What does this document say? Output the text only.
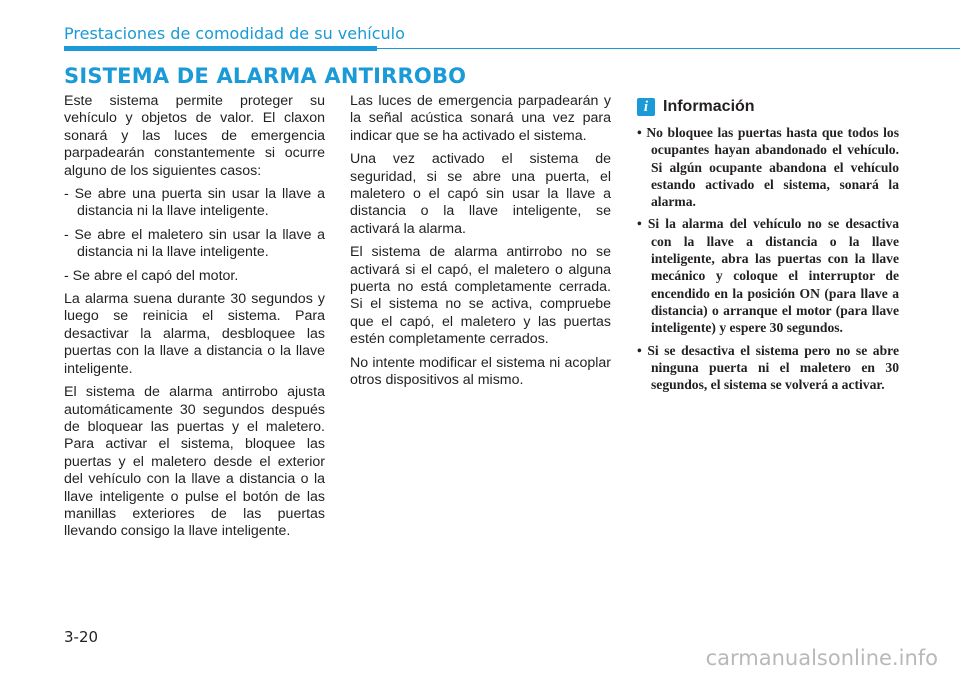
Prestaciones de comodidad de su vehículo
SISTEMA DE ALARMA ANTIRROBO

Este sistema permite proteger su vehículo y objetos de valor. El claxon sonará y las luces de emergencia parpadearán constantemente si ocurre alguno de los siguientes casos:

- Se abre una puerta sin usar la llave a distancia ni la llave inteligente.
- Se abre el maletero sin usar la llave a distancia ni la llave inteligente.
- Se abre el capó del motor.

La alarma suena durante 30 segundos y luego se reinicia el sistema. Para desactivar la alarma, desbloquee las puertas con la llave a distancia o la llave inteligente.

El sistema de alarma antirrobo ajusta automáticamente 30 segundos después de bloquear las puertas y el maletero. Para activar el sistema, bloquee las puertas y el maletero desde el exterior del vehículo con la llave a distancia o la llave inteligente o pulse el botón de las manillas exteriores de las puertas llevando consigo la llave inteligente.

Las luces de emergencia parpadearán y la señal acústica sonará una vez para indicar que se ha activado el sistema.

Una vez activado el sistema de seguridad, si se abre una puerta, el maletero o el capó sin usar la llave a distancia o la llave inteligente, se activará la alarma.

El sistema de alarma antirrobo no se activará si el capó, el maletero o alguna puerta no está completamente cerrada. Si el sistema no se activa, compruebe que el capó, el maletero y las puertas estén completamente cerrados.

No intente modificar el sistema ni acoplar otros dispositivos al mismo.

i Información
• No bloquee las puertas hasta que todos los ocupantes hayan abandonado el vehículo. Si algún ocupante abandona el vehículo estando activado el sistema, sonará la alarma.
• Si la alarma del vehículo no se desactiva con la llave a distancia o la llave inteligente, abra las puertas con la llave mecánico y coloque el interruptor de encendido en la posición ON (para llave a distancia) o arranque el motor (para llave inteligente) y espere 30 segundos.
• Si se desactiva el sistema pero no se abre ninguna puerta ni el maletero en 30 segundos, el sistema se volverá a activar.
3-20
carmanualsonline.info
